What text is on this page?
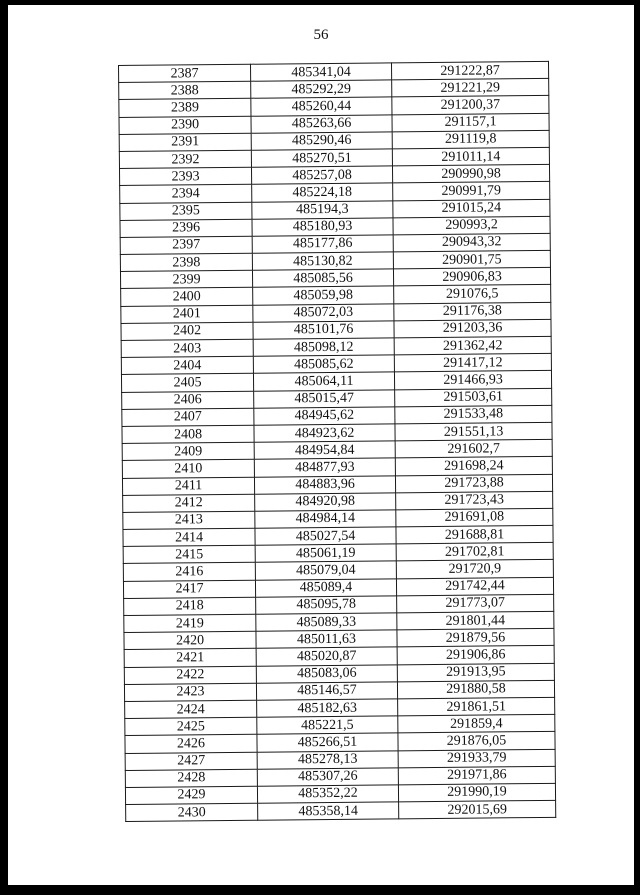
56
2387	485341,04	291222,87
2388	485292,29	291221,29
2389	485260,44	291200,37
2390	485263,66	291157,1
2391	485290,46	291119,8
2392	485270,51	291011,14
2393	485257,08	290990,98
2394	485224,18	290991,79
2395	485194,3	291015,24
2396	485180,93	290993,2
2397	485177,86	290943,32
2398	485130,82	290901,75
2399	485085,56	290906,83
2400	485059,98	291076,5
2401	485072,03	291176,38
2402	485101,76	291203,36
2403	485098,12	291362,42
2404	485085,62	291417,12
2405	485064,11	291466,93
2406	485015,47	291503,61
2407	484945,62	291533,48
2408	484923,62	291551,13
2409	484954,84	291602,7
2410	484877,93	291698,24
2411	484883,96	291723,88
2412	484920,98	291723,43
2413	484984,14	291691,08
2414	485027,54	291688,81
2415	485061,19	291702,81
2416	485079,04	291720,9
2417	485089,4	291742,44
2418	485095,78	291773,07
2419	485089,33	291801,44
2420	485011,63	291879,56
2421	485020,87	291906,86
2422	485083,06	291913,95
2423	485146,57	291880,58
2424	485182,63	291861,51
2425	485221,5	291859,4
2426	485266,51	291876,05
2427	485278,13	291933,79
2428	485307,26	291971,86
2429	485352,22	291990,19
2430	485358,14	292015,69
